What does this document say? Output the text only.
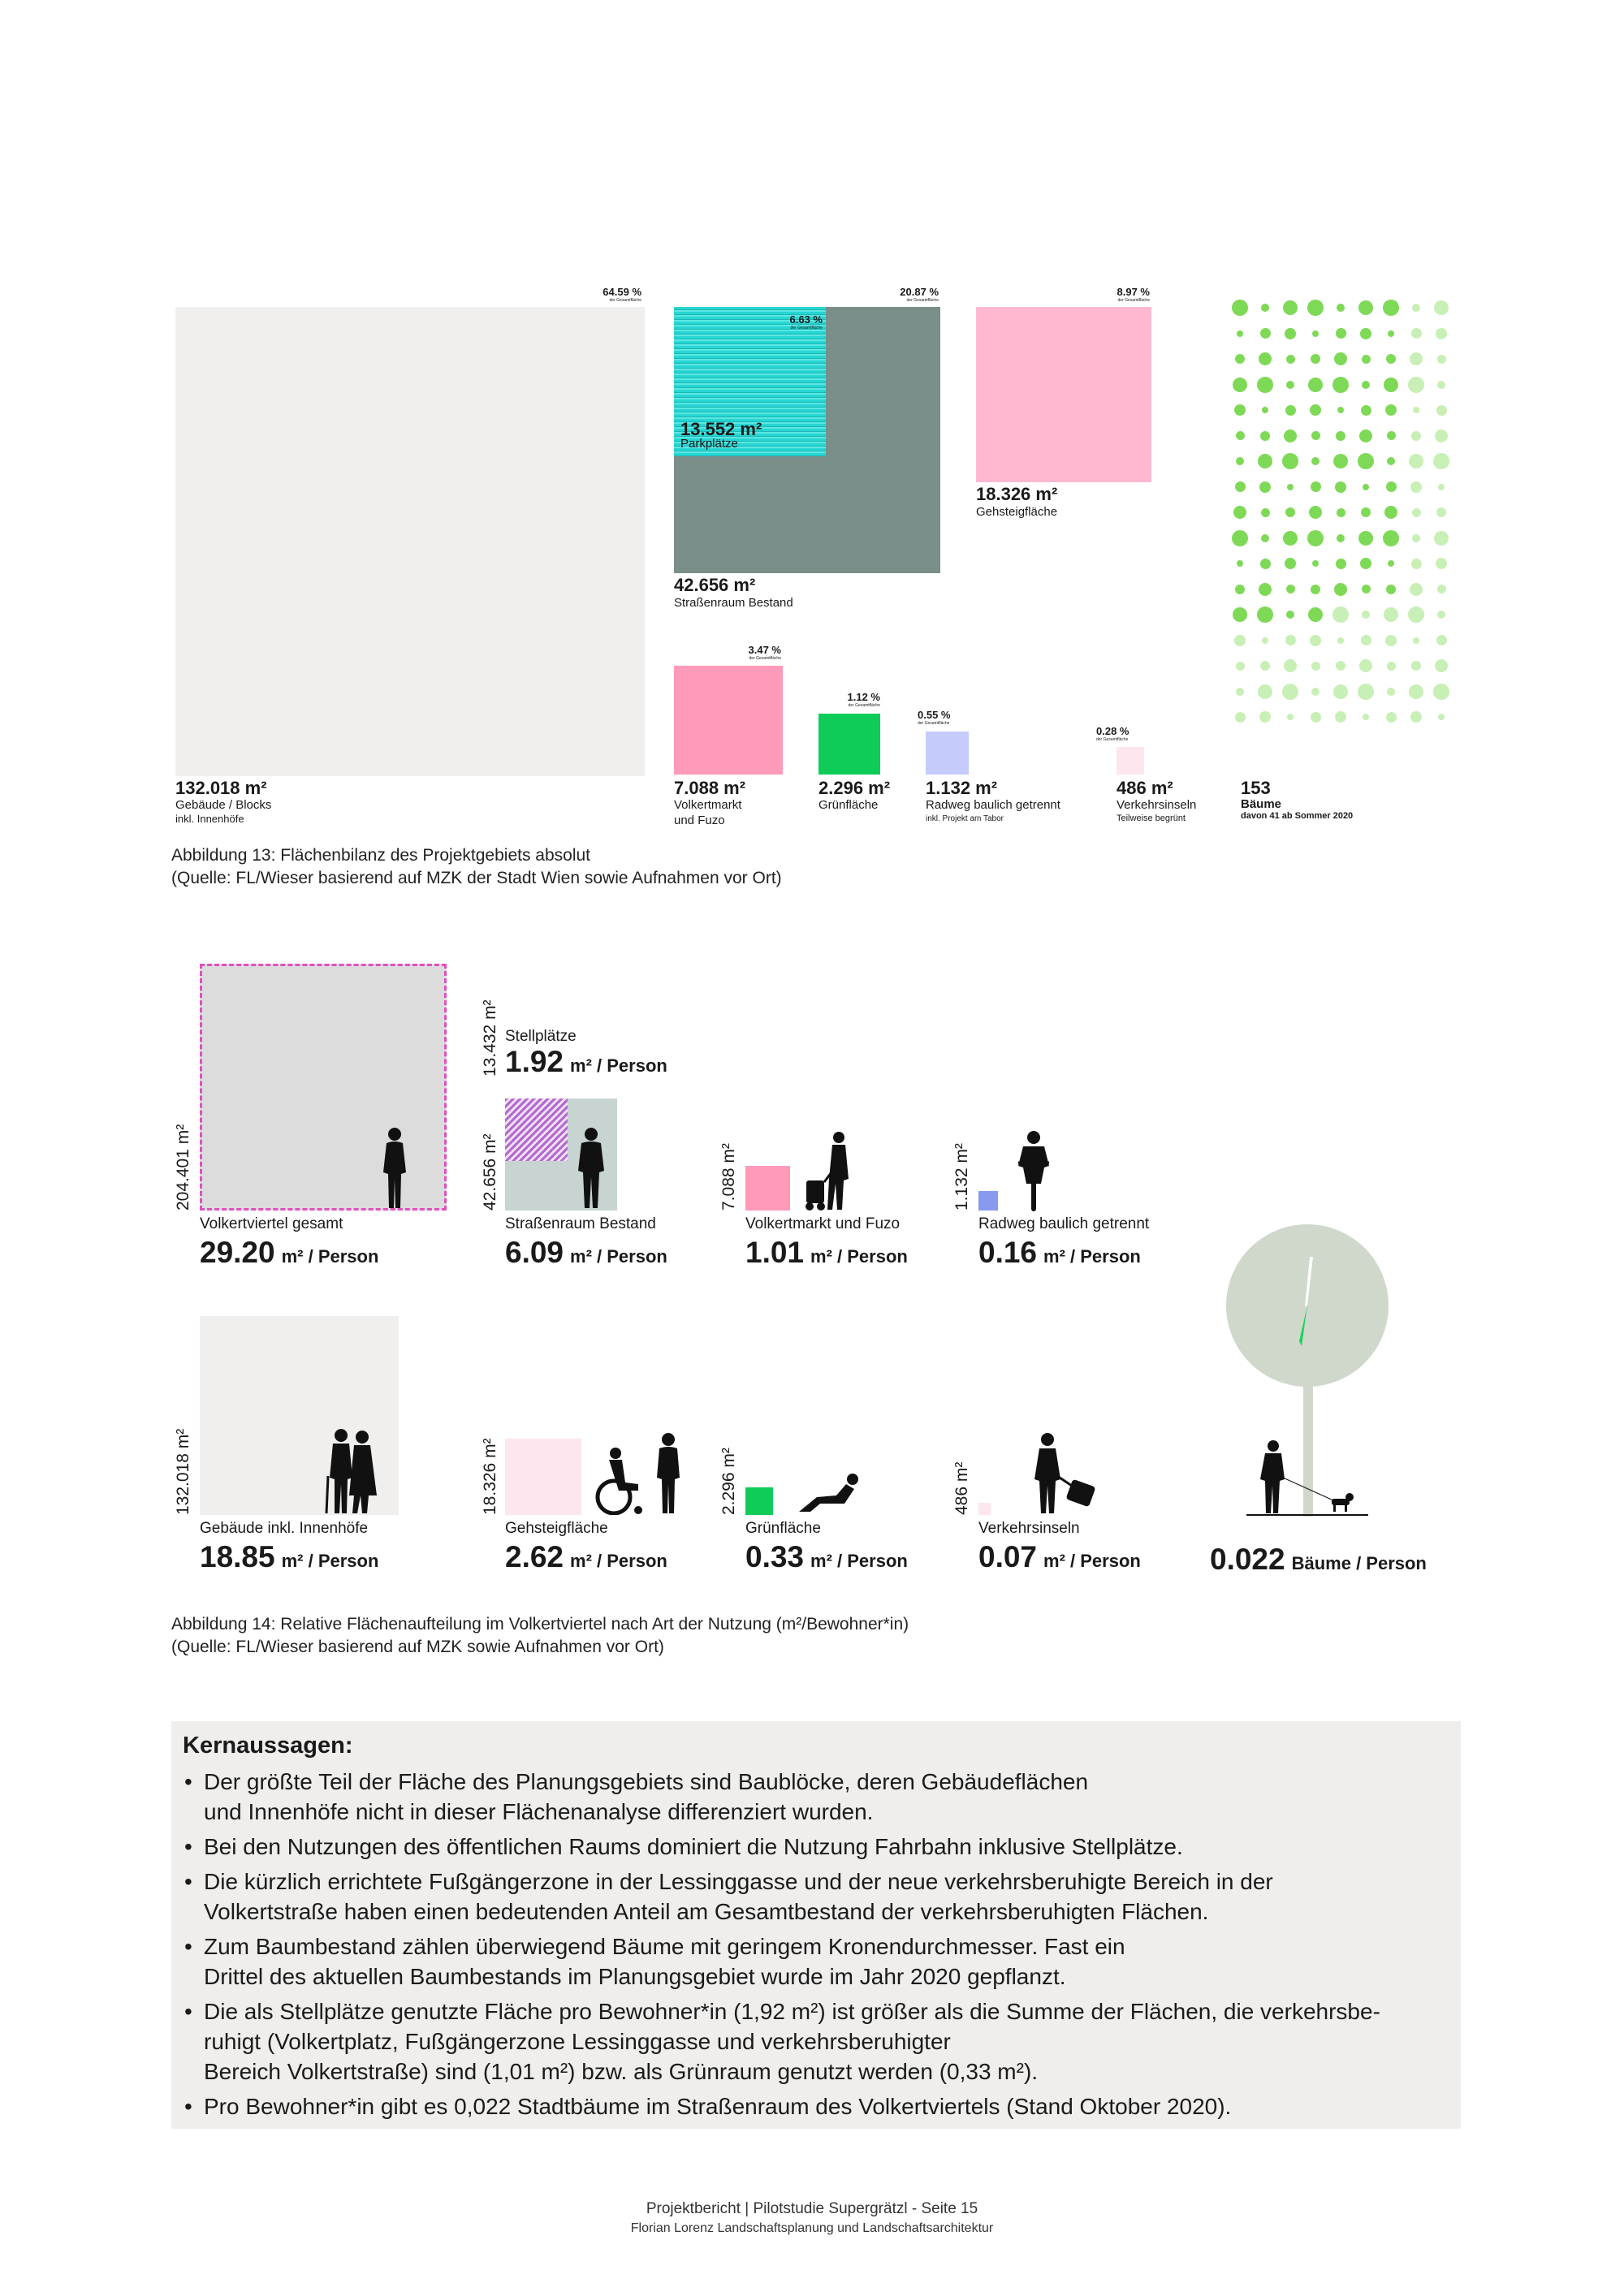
64.59 %
der Gesamtfläche
132.018 m²
Gebäude / Blocks
inkl. Innenhöfe
20.87 %
der Gesamtfläche
6.63 %
der Gesamtfläche
13.552 m²
Parkplätze
42.656 m²
Straßenraum Bestand
8.97 %
der Gesamtfläche
18.326 m²
Gehsteigfläche
3.47 %
der Gesamtfläche
7.088 m²
Volkertmarkt
und Fuzo
1.12 %
der Gesamtfläche
2.296 m²
Grünfläche
0.55 %
der Gesamtfläche
1.132 m²
Radweg baulich getrennt
inkl. Projekt am Tabor
0.28 %
der Gesamtfläche
486 m²
Verkehrsinseln
Teilweise begrünt
153
Bäume
davon 41 ab Sommer 2020
Abbildung 13: Flächenbilanz des Projektgebiets absolut
(Quelle: FL/Wieser basierend auf MZK der Stadt Wien sowie Aufnahmen vor Ort)
204.401 m²
Volkertviertel gesamt
29.20 m² / Person
13.432 m² Stellplätze
1.92 m² / Person
42.656 m²
Straßenraum Bestand
6.09 m² / Person
7.088 m²
Volkertmarkt und Fuzo
1.01 m² / Person
1.132 m²
Radweg baulich getrennt
0.16 m² / Person
132.018 m²
Gebäude inkl. Innenhöfe
18.85 m² / Person
18.326 m²
Gehsteigfläche
2.62 m² / Person
2.296 m²
Grünfläche
0.33 m² / Person
486 m²
Verkehrsinseln
0.07 m² / Person 0.022 Bäume / Person
Abbildung 14: Relative Flächenaufteilung im Volkertviertel nach Art der Nutzung (m²/Bewohner*in)
(Quelle: FL/Wieser basierend auf MZK sowie Aufnahmen vor Ort)
Kernaussagen:
• Der größte Teil der Fläche des Planungsgebiets sind Baublöcke, deren Gebäudeflächen
und Innenhöfe nicht in dieser Flächenanalyse differenziert wurden.
• Bei den Nutzungen des öffentlichen Raums dominiert die Nutzung Fahrbahn inklusive Stellplätze.
• Die kürzlich errichtete Fußgängerzone in der Lessinggasse und der neue verkehrsberuhigte Bereich in der
Volkertstraße haben einen bedeutenden Anteil am Gesamtbestand der verkehrsberuhigten Flächen.
• Zum Baumbestand zählen überwiegend Bäume mit geringem Kronendurchmesser. Fast ein
Drittel des aktuellen Baumbestands im Planungsgebiet wurde im Jahr 2020 gepflanzt.
• Die als Stellplätze genutzte Fläche pro Bewohner*in (1,92 m²) ist größer als die Summe der Flächen, die verkehrsbe-
ruhigt (Volkertplatz, Fußgängerzone Lessinggasse und verkehrsberuhigter
Bereich Volkertstraße) sind (1,01 m²) bzw. als Grünraum genutzt werden (0,33 m²).
• Pro Bewohner*in gibt es 0,022 Stadtbäume im Straßenraum des Volkertviertels (Stand Oktober 2020).
Projektbericht | Pilotstudie Supergrätzl - Seite 15
Florian Lorenz Landschaftsplanung und Landschaftsarchitektur
